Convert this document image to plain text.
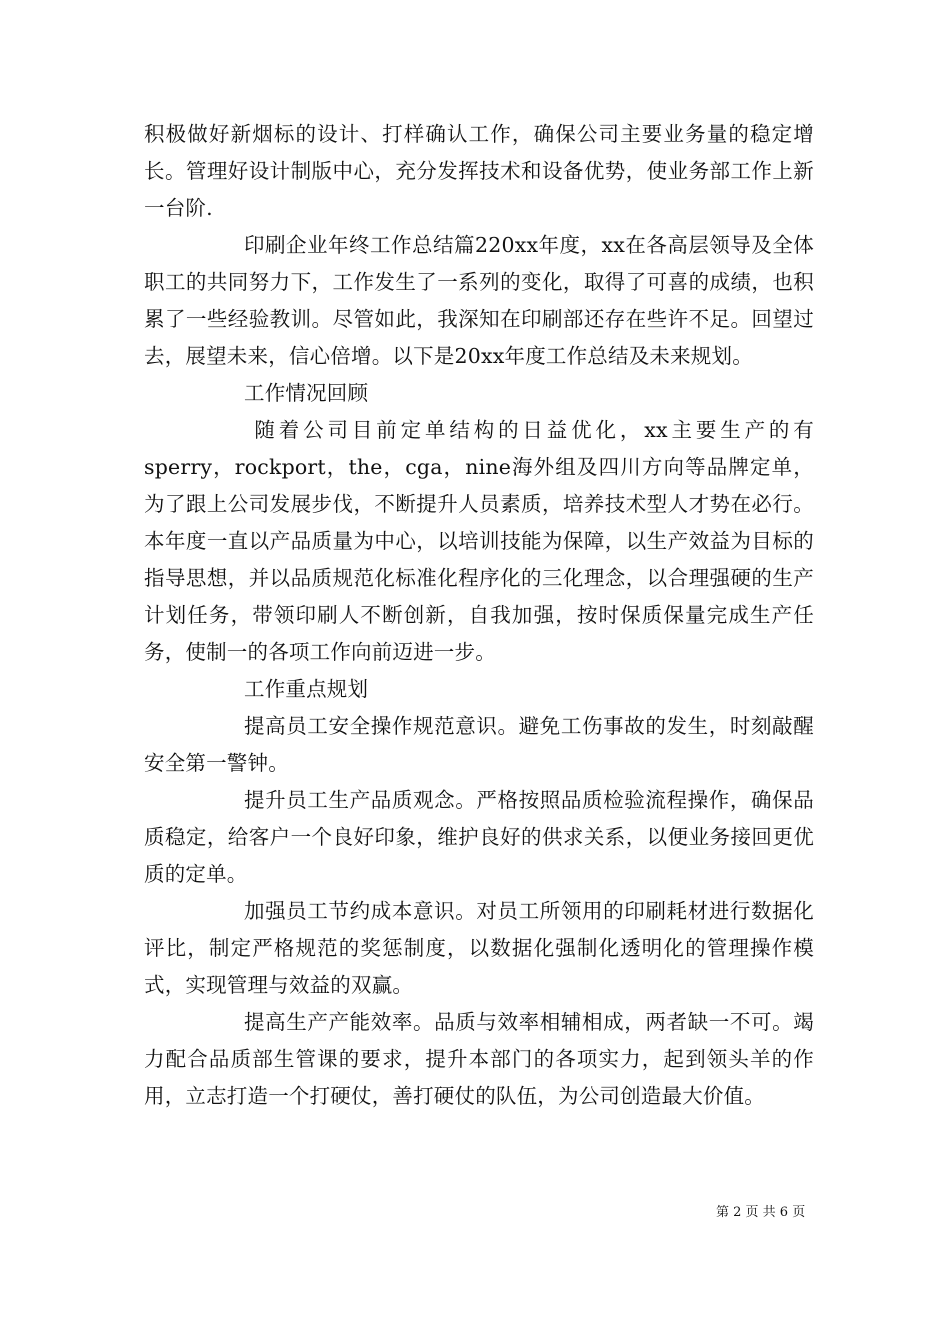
积极做好新烟标的设计、打样确认工作，确保公司主要业务量的稳定增长。管理好设计制版中心，充分发挥技术和设备优势，使业务部工作上新一台阶.

印刷企业年终工作总结篇220xx年度，xx在各高层领导及全体职工的共同努力下，工作发生了一系列的变化，取得了可喜的成绩，也积累了一些经验教训。尽管如此，我深知在印刷部还存在些许不足。回望过去，展望未来，信心倍增。以下是20xx年度工作总结及未来规划。

工作情况回顾

随着公司目前定单结构的日益优化，xx主要生产的有sperry，rockport，the，cga，nine海外组及四川方向等品牌定单，为了跟上公司发展步伐，不断提升人员素质，培养技术型人才势在必行。本年度一直以产品质量为中心，以培训技能为保障，以生产效益为目标的指导思想，并以品质规范化标准化程序化的三化理念，以合理强硬的生产计划任务，带领印刷人不断创新，自我加强，按时保质保量完成生产任务，使制一的各项工作向前迈进一步。

工作重点规划

提高员工安全操作规范意识。避免工伤事故的发生，时刻敲醒安全第一警钟。

提升员工生产品质观念。严格按照品质检验流程操作，确保品质稳定，给客户一个良好印象，维护良好的供求关系，以便业务接回更优质的定单。

加强员工节约成本意识。对员工所领用的印刷耗材进行数据化评比，制定严格规范的奖惩制度，以数据化强制化透明化的管理操作模式，实现管理与效益的双赢。

提高生产产能效率。品质与效率相辅相成，两者缺一不可。竭力配合品质部生管课的要求，提升本部门的各项实力，起到领头羊的作用，立志打造一个打硬仗，善打硬仗的队伍，为公司创造最大价值。

第 2 页 共 6 页
